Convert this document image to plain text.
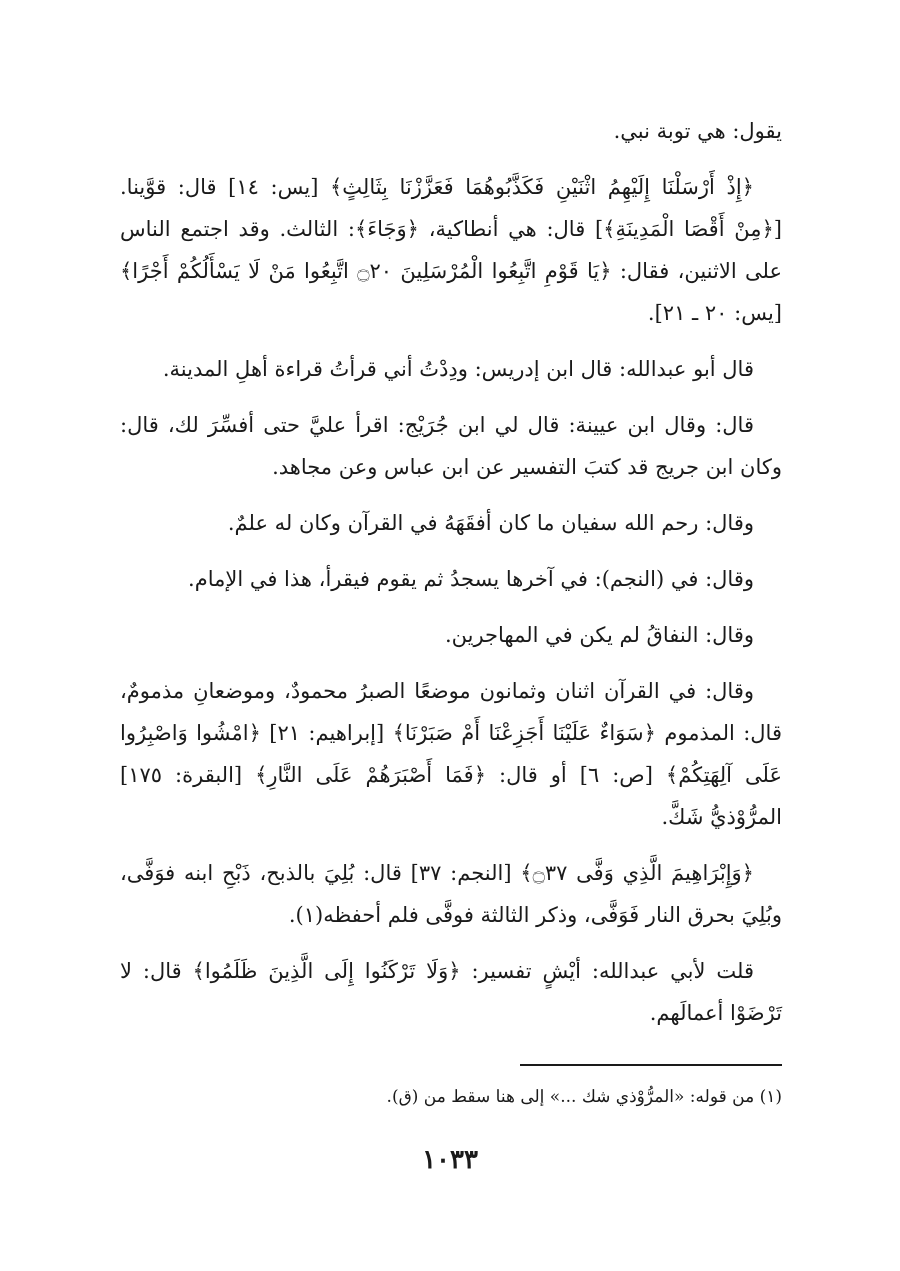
يقول: هي توبة نبي.

﴿إِذْ أَرْسَلْنَا إِلَيْهِمُ اثْنَيْنِ فَكَذَّبُوهُمَا فَعَزَّزْنَا بِثَالِثٍ﴾ [يس: ١٤] قال: قوَّينا. [﴿مِنْ أَقْصَا الْمَدِينَةِ﴾] قال: هي أنطاكية، ﴿وَجَاءَ﴾: الثالث. وقد اجتمع الناس على الاثنين، فقال: ﴿يَا قَوْمِ اتَّبِعُوا الْمُرْسَلِينَ ۝٢٠ اتَّبِعُوا مَنْ لَا يَسْأَلُكُمْ أَجْرًا﴾ [يس: ٢٠ ـ ٢١].

قال أبو عبدالله: قال ابن إدريس: ودِدْتُ أني قرأتُ قراءة أهلِ المدينة.

قال: وقال ابن عيينة: قال لي ابن جُرَيْج: اقرأ عليَّ حتى أفسِّرَ لك، قال: وكان ابن جريج قد كتبَ التفسير عن ابن عباس وعن مجاهد.

وقال: رحم الله سفيان ما كان أفقَهَهُ في القرآن وكان له علمٌ.

وقال: في (النجم): في آخرها يسجدُ ثم يقوم فيقرأ، هذا في الإمام.

وقال: النفاقُ لم يكن في المهاجرين.

وقال: في القرآن اثنان وثمانون موضعًا الصبرُ محمودٌ، وموضعانِ مذمومٌ، قال: المذموم ﴿سَوَاءٌ عَلَيْنَا أَجَزِعْنَا أَمْ صَبَرْنَا﴾ [إبراهيم: ٢١] ﴿امْشُوا وَاصْبِرُوا عَلَى آلِهَتِكُمْ﴾ [ص: ٦] أو قال: ﴿فَمَا أَصْبَرَهُمْ عَلَى النَّارِ﴾ [البقرة: ١٧٥] المرُّوْذيُّ شَكَّ.

﴿وَإِبْرَاهِيمَ الَّذِي وَفَّى ۝٣٧﴾ [النجم: ٣٧] قال: بُلِيَ بالذبح، ذَبْحِ ابنه فوَفَّى، وبُلِيَ بحرق النار فَوَفَّى، وذكر الثالثة فوفَّى فلم أحفظه(١).

قلت لأبي عبدالله: أيْشٍ تفسير: ﴿وَلَا تَرْكَنُوا إِلَى الَّذِينَ ظَلَمُوا﴾ قال: لا تَرْضَوْا أعمالَهم.

(١) من قوله: «المرُّوْذي شك ...» إلى هنا سقط من (ق).

١٠٣٣
